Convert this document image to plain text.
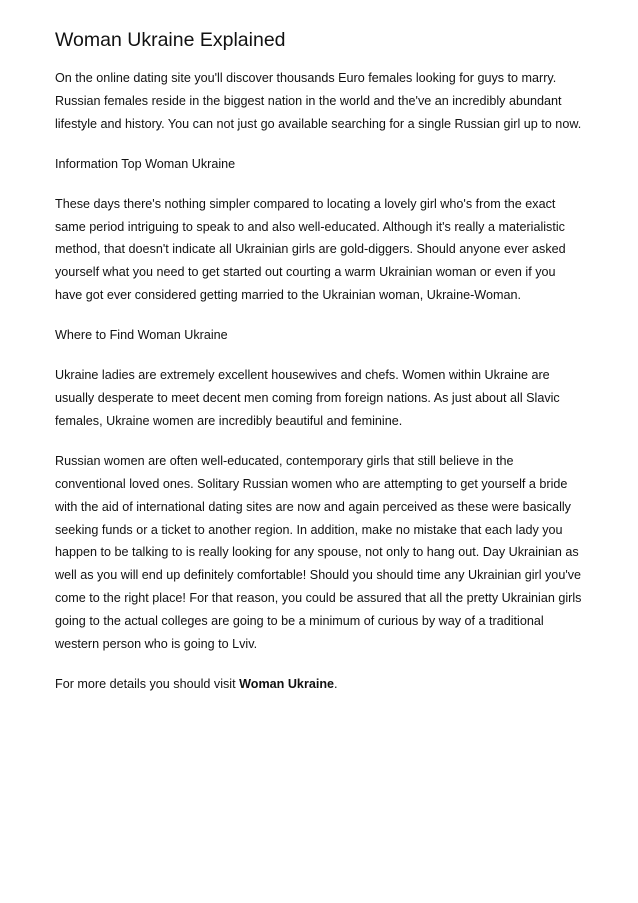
Woman Ukraine Explained

On the online dating site you'll discover thousands Euro females looking for guys to marry. Russian females reside in the biggest nation in the world and the've an incredibly abundant lifestyle and history. You can not just go available searching for a single Russian girl up to now.

Information Top Woman Ukraine

These days there's nothing simpler compared to locating a lovely girl who's from the exact same period intriguing to speak to and also well-educated. Although it's really a materialistic method, that doesn't indicate all Ukrainian girls are gold-diggers. Should anyone ever asked yourself what you need to get started out courting a warm Ukrainian woman or even if you have got ever considered getting married to the Ukrainian woman, Ukraine-Woman.

Where to Find Woman Ukraine

Ukraine ladies are extremely excellent housewives and chefs. Women within Ukraine are usually desperate to meet decent men coming from foreign nations. As just about all Slavic females, Ukraine women are incredibly beautiful and feminine.

Russian women are often well-educated, contemporary girls that still believe in the conventional loved ones. Solitary Russian women who are attempting to get yourself a bride with the aid of international dating sites are now and again perceived as these were basically seeking funds or a ticket to another region. In addition, make no mistake that each lady you happen to be talking to is really looking for any spouse, not only to hang out. Day Ukrainian as well as you will end up definitely comfortable! Should you should time any Ukrainian girl you've come to the right place! For that reason, you could be assured that all the pretty Ukrainian girls going to the actual colleges are going to be a minimum of curious by way of a traditional western person who is going to Lviv.

For more details you should visit Woman Ukraine.
